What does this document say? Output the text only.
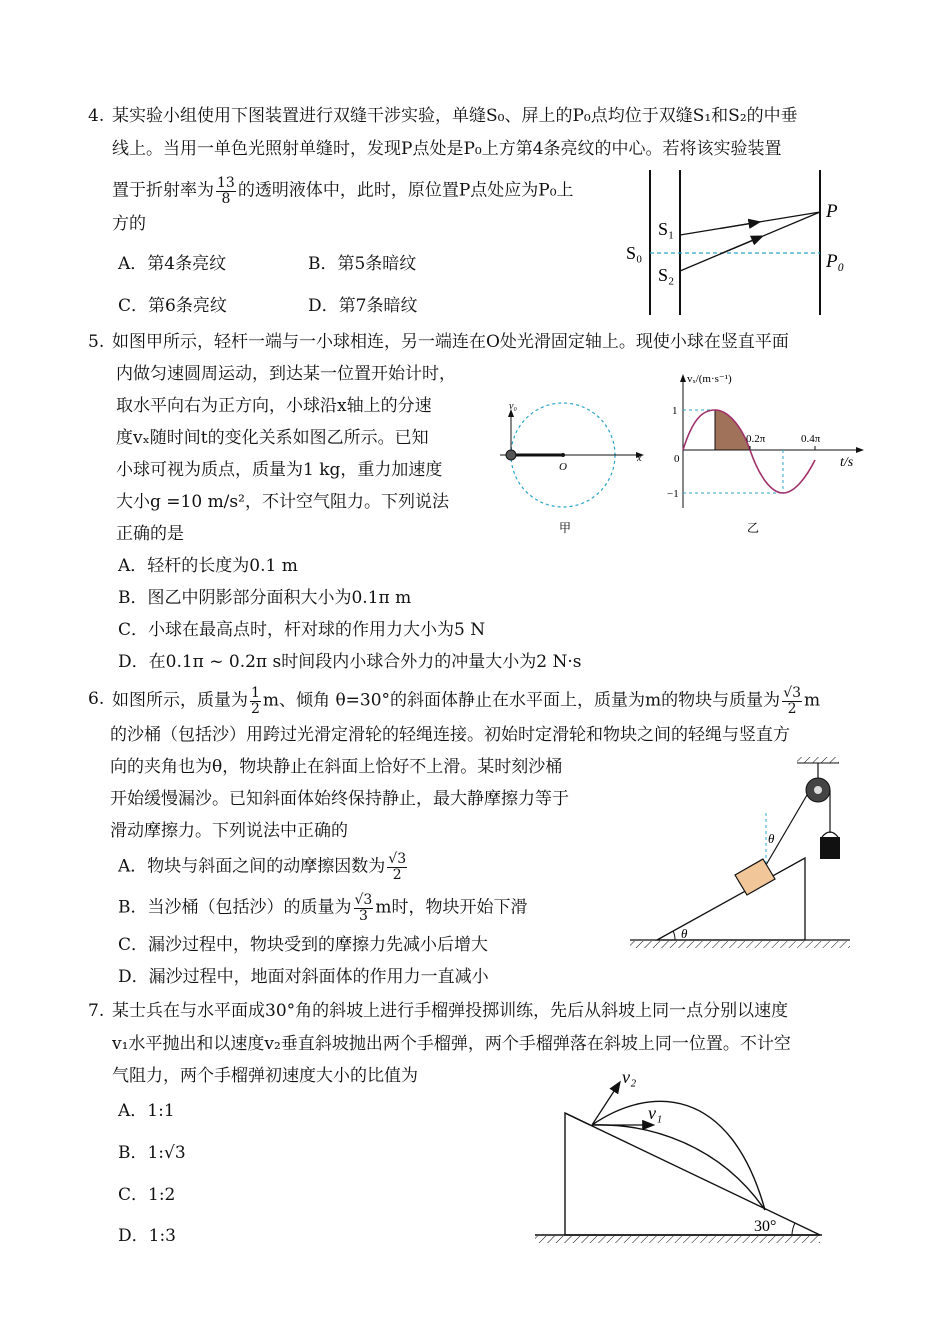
4. 某实验小组使用下图装置进行双缝干涉实验，单缝S₀、屏上的P₀点均位于双缝S₁和S₂的中垂
线上。当用一单色光照射单缝时，发现P点处是P₀上方第4条亮纹的中心。若将该实验装置
置于折射率为 $\frac{13}{8}$ 的透明液体中，此时，原位置P点处应为P₀上
方的
A．第4条亮纹	B．第5条暗纹
C．第6条亮纹	D．第7条暗纹
S₀
S₁
S₂
P
P₀
5. 如图甲所示，轻杆一端与一小球相连，另一端连在O处光滑固定轴上。现使小球在竖直平面
内做匀速圆周运动，到达某一位置开始计时，
取水平向右为正方向，小球沿x轴上的分速
度vₓ随时间t的变化关系如图乙所示。已知
小球可视为质点，质量为1 kg，重力加速度
大小g =10 m/s²，不计空气阻力。下列说法
正确的是
A．轻杆的长度为0.1 m
B．图乙中阴影部分面积大小为0.1π m
C．小球在最高点时，杆对球的作用力大小为5 N
D．在0.1π ~ 0.2π s时间段内小球合外力的冲量大小为2 N·s
v₀
O
x
甲
vₓ/(m·s⁻¹)
1
0
−1
0.2π	0.4π
t/s
乙
6. 如图所示，质量为 $\frac{1}{2}$ m、倾角 θ=30°的斜面体静止在水平面上，质量为m的物块与质量为 $\frac{√3}{2}$ m
的沙桶（包括沙）用跨过光滑定滑轮的轻绳连接。初始时定滑轮和物块之间的轻绳与竖直方
向的夹角也为θ，物块静止在斜面上恰好不上滑。某时刻沙桶
开始缓慢漏沙。已知斜面体始终保持静止，最大静摩擦力等于
滑动摩擦力。下列说法中正确的
A．物块与斜面之间的动摩擦因数为 $\frac{√3}{2}$
B．当沙桶（包括沙）的质量为 $\frac{√3}{3}$ m时，物块开始下滑
C．漏沙过程中，物块受到的摩擦力先减小后增大
D．漏沙过程中，地面对斜面体的作用力一直减小
θ
θ
7. 某士兵在与水平面成30°角的斜坡上进行手榴弹投掷训练，先后从斜坡上同一点分别以速度
v₁水平抛出和以速度v₂垂直斜坡抛出两个手榴弹，两个手榴弹落在斜坡上同一位置。不计空
气阻力，两个手榴弹初速度大小的比值为
A．1:1
B．1:√3
C．1:2
D．1:3
v₂
v₁
30°
